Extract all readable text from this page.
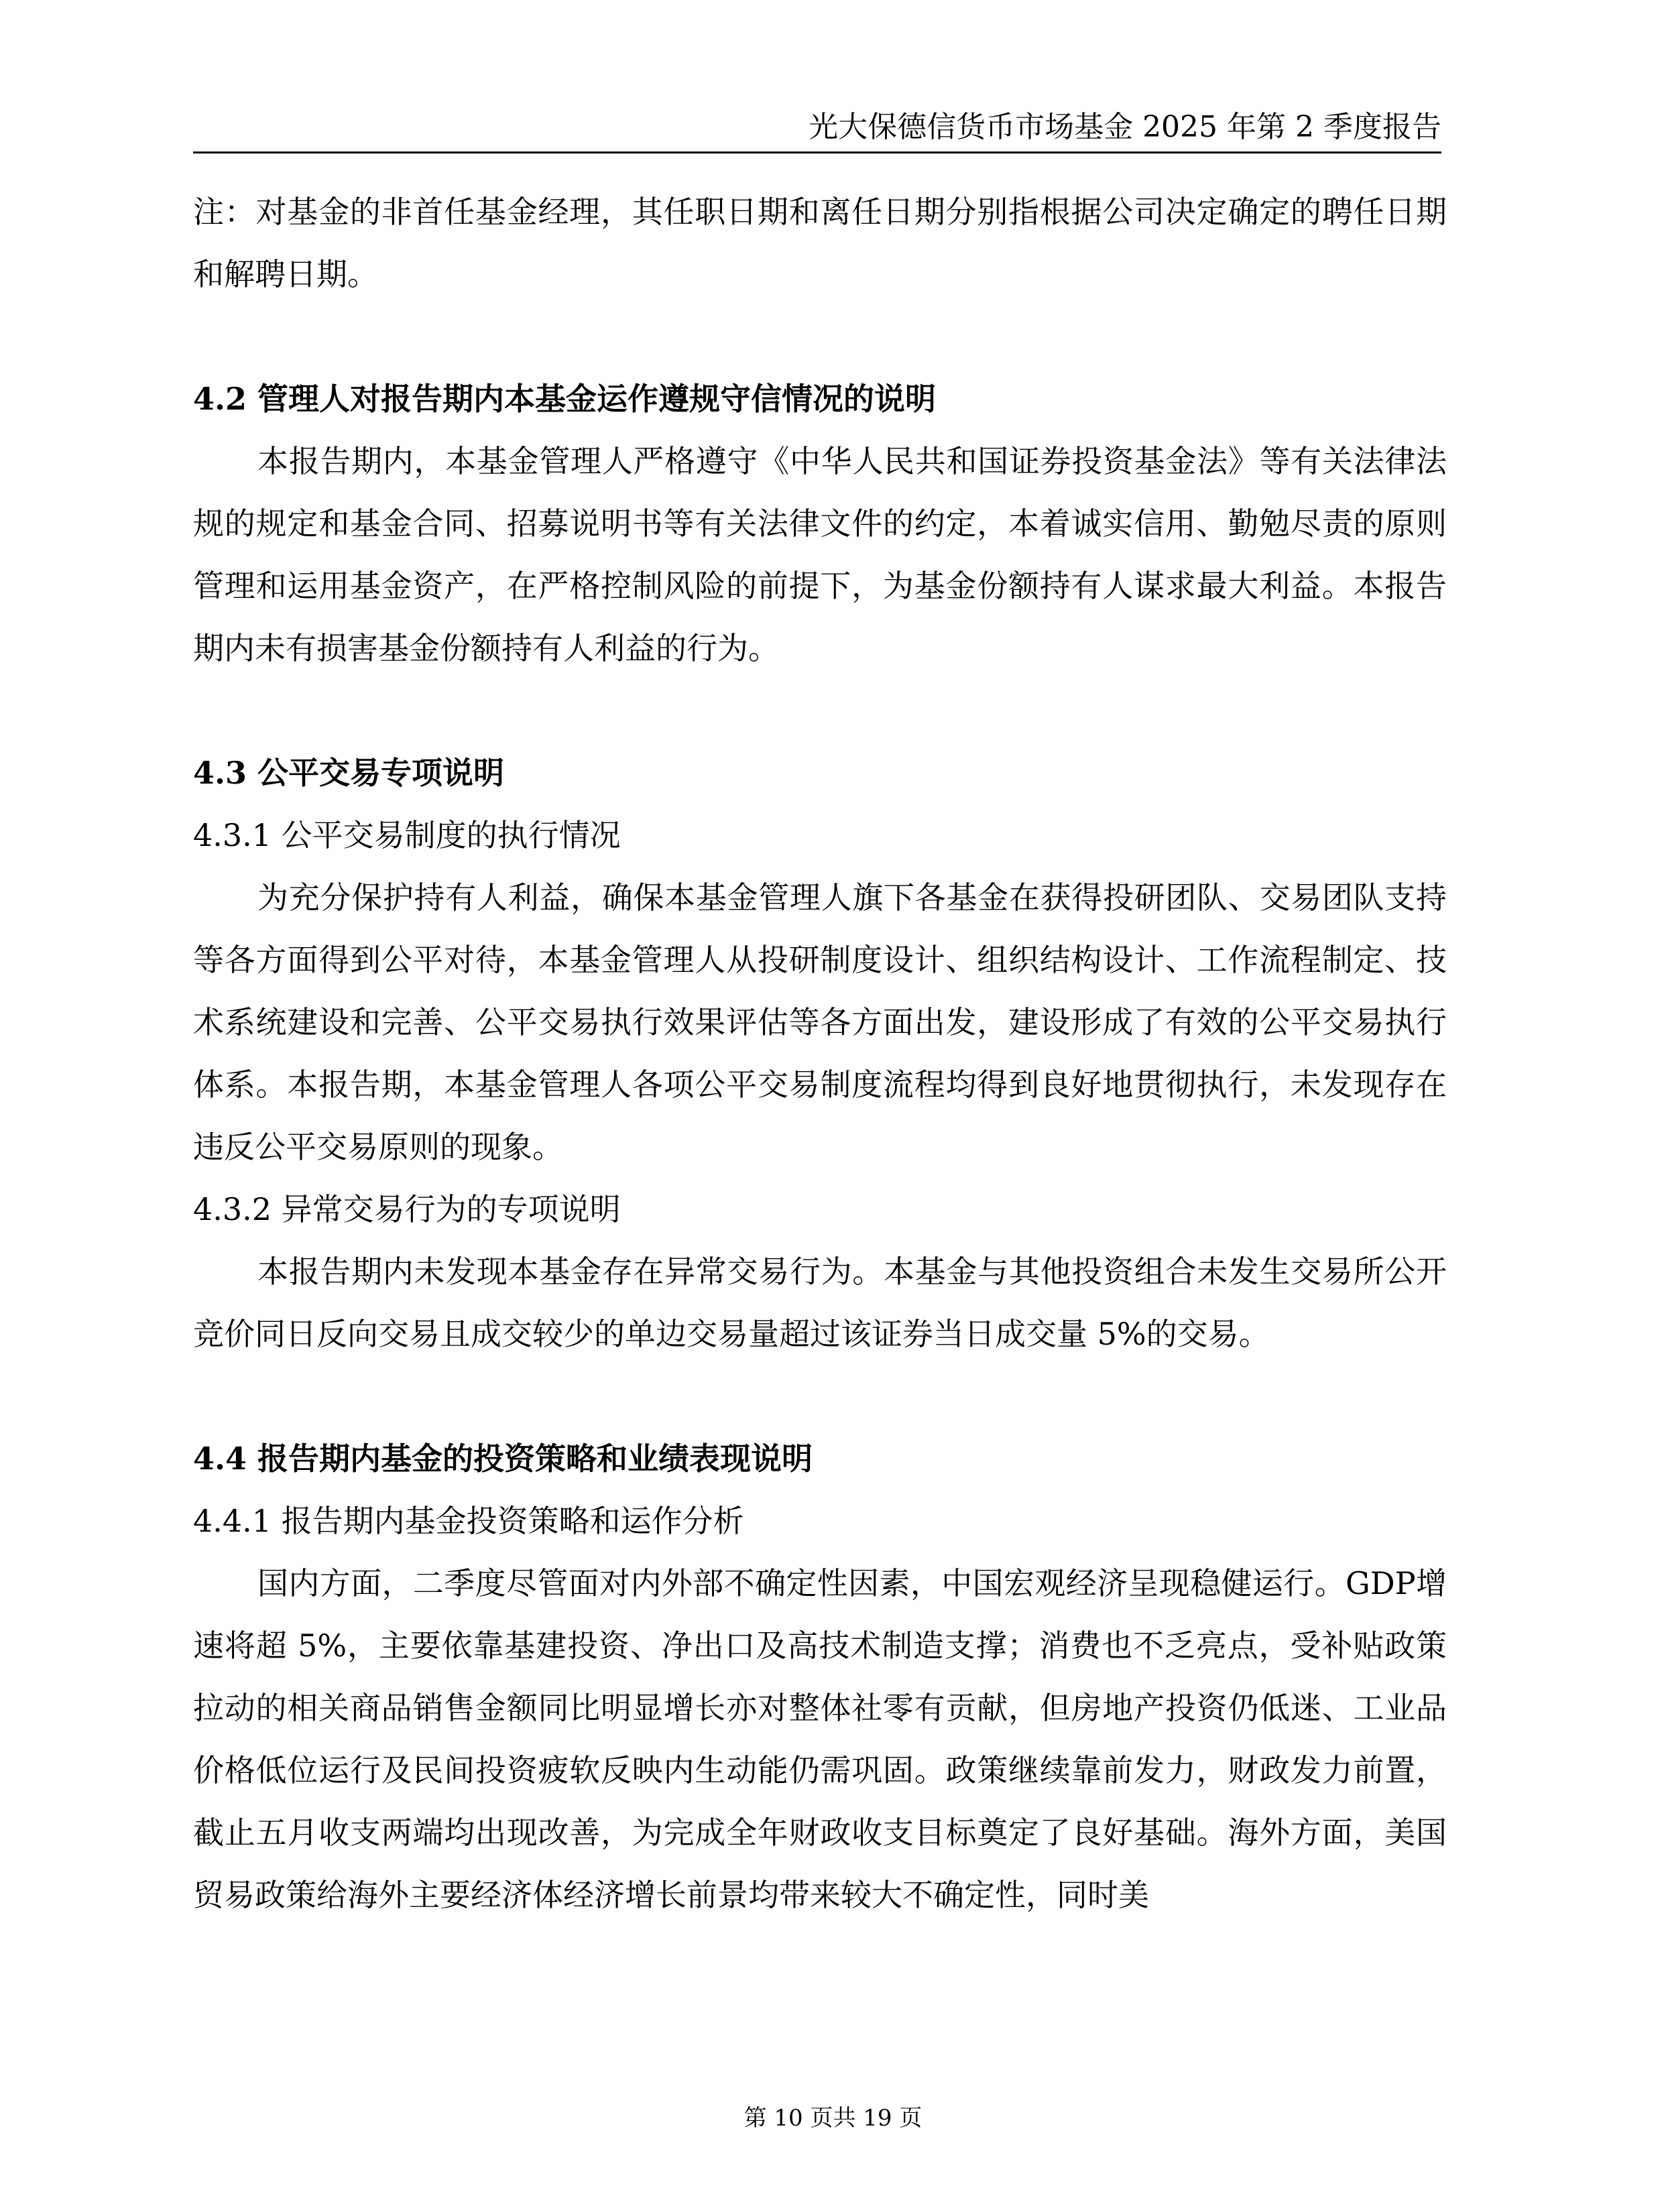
光大保德信货币市场基金 2025 年第 2 季度报告

注：对基金的非首任基金经理，其任职日期和离任日期分别指根据公司决定确定的聘任日期和解聘日期。

4.2 管理人对报告期内本基金运作遵规守信情况的说明

本报告期内，本基金管理人严格遵守《中华人民共和国证券投资基金法》等有关法律法规的规定和基金合同、招募说明书等有关法律文件的约定，本着诚实信用、勤勉尽责的原则管理和运用基金资产，在严格控制风险的前提下，为基金份额持有人谋求最大利益。本报告期内未有损害基金份额持有人利益的行为。

4.3 公平交易专项说明
4.3.1 公平交易制度的执行情况

为充分保护持有人利益，确保本基金管理人旗下各基金在获得投研团队、交易团队支持等各方面得到公平对待，本基金管理人从投研制度设计、组织结构设计、工作流程制定、技术系统建设和完善、公平交易执行效果评估等各方面出发，建设形成了有效的公平交易执行体系。本报告期，本基金管理人各项公平交易制度流程均得到良好地贯彻执行，未发现存在违反公平交易原则的现象。

4.3.2 异常交易行为的专项说明

本报告期内未发现本基金存在异常交易行为。本基金与其他投资组合未发生交易所公开竞价同日反向交易且成交较少的单边交易量超过该证券当日成交量 5%的交易。

4.4 报告期内基金的投资策略和业绩表现说明
4.4.1 报告期内基金投资策略和运作分析

国内方面，二季度尽管面对内外部不确定性因素，中国宏观经济呈现稳健运行。GDP增速将超 5%，主要依靠基建投资、净出口及高技术制造支撑；消费也不乏亮点，受补贴政策拉动的相关商品销售金额同比明显增长亦对整体社零有贡献，但房地产投资仍低迷、工业品价格低位运行及民间投资疲软反映内生动能仍需巩固。政策继续靠前发力，财政发力前置，截止五月收支两端均出现改善，为完成全年财政收支目标奠定了良好基础。海外方面，美国贸易政策给海外主要经济体经济增长前景均带来较大不确定性，同时美

第 10 页共 19 页
